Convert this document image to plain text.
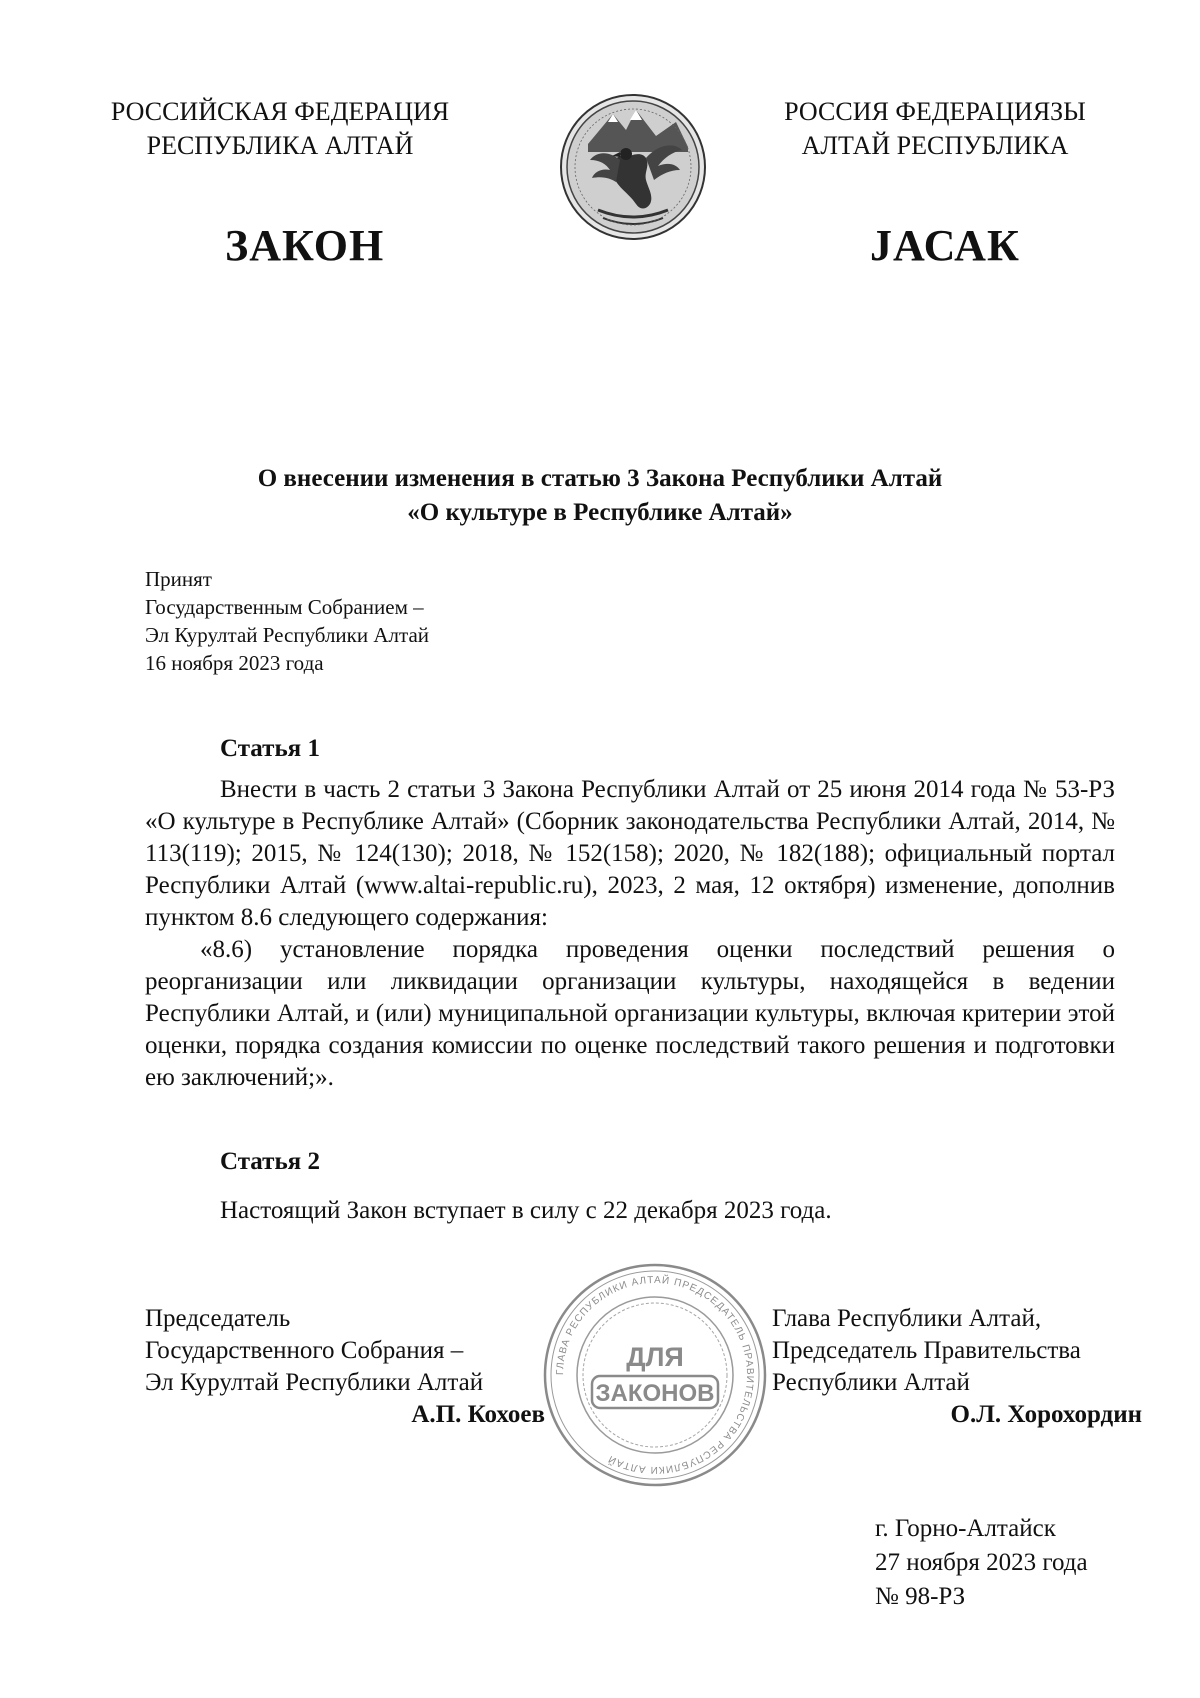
РОССИЙСКАЯ ФЕДЕРАЦИЯ
РЕСПУБЛИКА АЛТАЙ
ЗАКОН
РОССИЯ ФЕДЕРАЦИЯЗЫ
АЛТАЙ РЕСПУБЛИКА
JАСАК
О внесении изменения в статью 3 Закона Республики Алтай
«О культуре в Республике Алтай»
Принят
Государственным Собранием –
Эл Курултай Республики Алтай
16 ноября 2023 года
Статья 1

Внести в часть 2 статьи 3 Закона Республики Алтай от 25 июня 2014 года № 53-РЗ «О культуре в Республике Алтай» (Сборник законодательства Республики Алтай, 2014, № 113(119); 2015, № 124(130); 2018, № 152(158); 2020, № 182(188); официальный портал Республики Алтай (www.altai-republic.ru), 2023, 2 мая, 12 октября) изменение, дополнив пунктом 8.6 следующего содержания:

«8.6) установление порядка проведения оценки последствий решения о реорганизации или ликвидации организации культуры, находящейся в ведении Республики Алтай, и (или) муниципальной организации культуры, включая критерии этой оценки, порядка создания комиссии по оценке последствий такого решения и подготовки ею заключений;».

Статья 2
Настоящий Закон вступает в силу с 22 декабря 2023 года.
Председатель
Государственного Собрания –
Эл Курултай Республики Алтай
А.П. Кохоев
ГЛАВА РЕСПУБЛИКИ АЛТАЙ ПРЕДСЕДАТЕЛЬ ПРАВИТЕЛЬСТВА РЕСПУБЛИКИ АЛТАЙ
ДЛЯ
ЗАКОНОВ
Глава Республики Алтай,
Председатель Правительства
Республики Алтай
О.Л. Хорохордин
г. Горно-Алтайск
27 ноября 2023 года
№ 98-РЗ
